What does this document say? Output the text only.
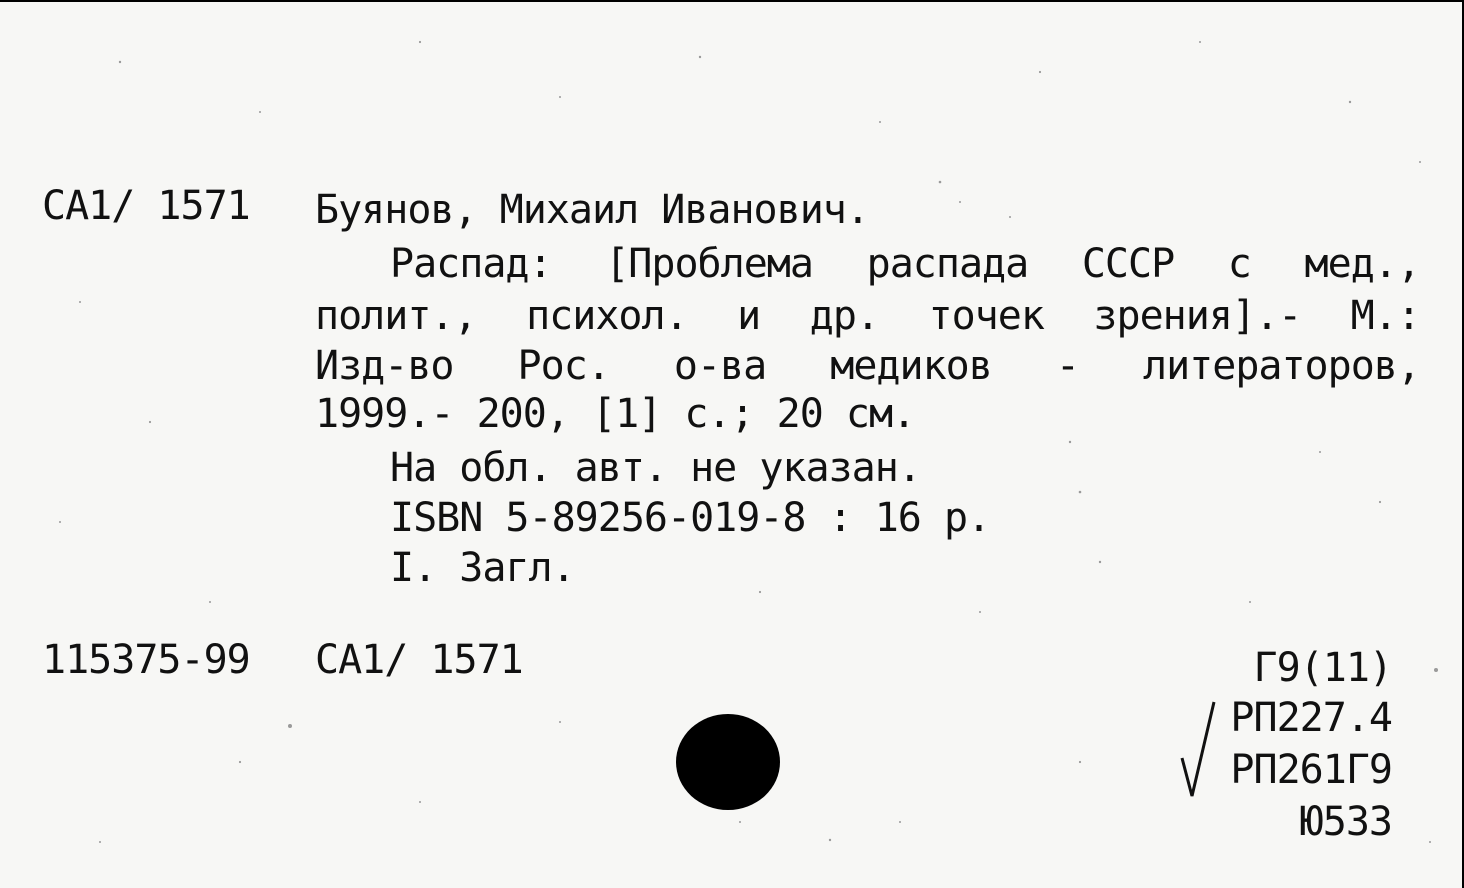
CA1/ 1571 Буянов, Михаил Иванович.
Распад: [Проблема распада СССР с мед.,
полит., психол. и др. точек зрения].- М.:
Изд-во Рос. о-ва медиков - литераторов,
1999.- 200, [1] с.; 20 см.
На обл. авт. не указан.
ISBN 5-89256-019-8 : 16 р.
I. Загл.
115375-99 CA1/ 1571	Г9(11)
РП227.4
РП261Г9
Ю533
